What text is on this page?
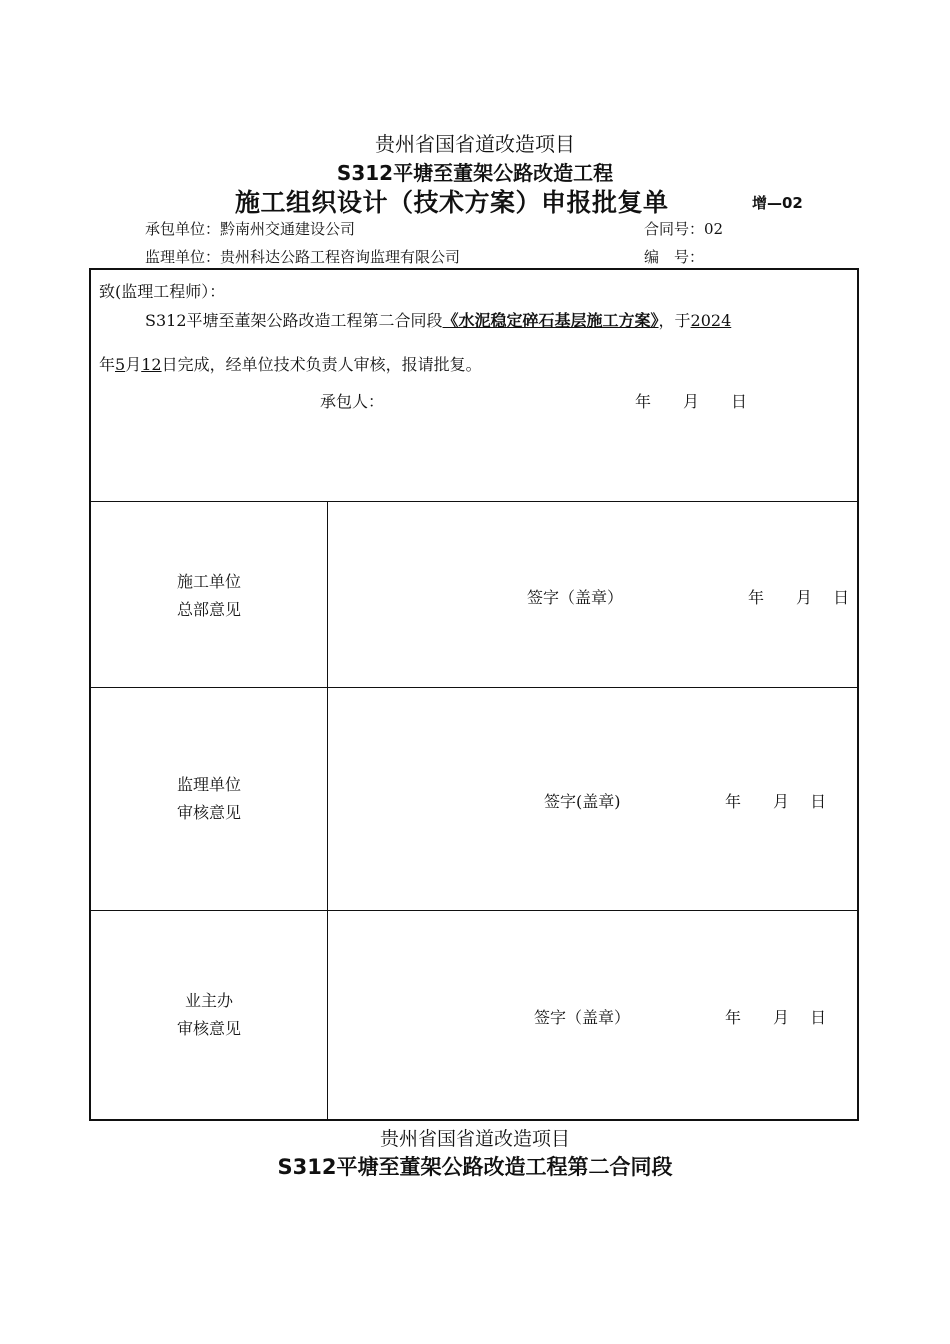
贵州省国省道改造项目
S312平塘至董架公路改造工程
施工组织设计（技术方案）申报批复单	增—02
承包单位：黔南州交通建设公司	合同号：02
监理单位：贵州科达公路工程咨询监理有限公司	编　号：
致(监理工程师）：
S312平塘至董架公路改造工程第二合同段《水泥稳定碎石基层施工方案》，于2024
年5月12日完成，经单位技术负责人审核，报请批复。
承包人：	年　　月　　日
施工单位
总部意见
签字（盖章）	年　　月　 日
监理单位
审核意见
签字(盖章)	年　　月　 日
业主办
审核意见
签字（盖章）	年　　月　 日
贵州省国省道改造项目
S312平塘至董架公路改造工程第二合同段
